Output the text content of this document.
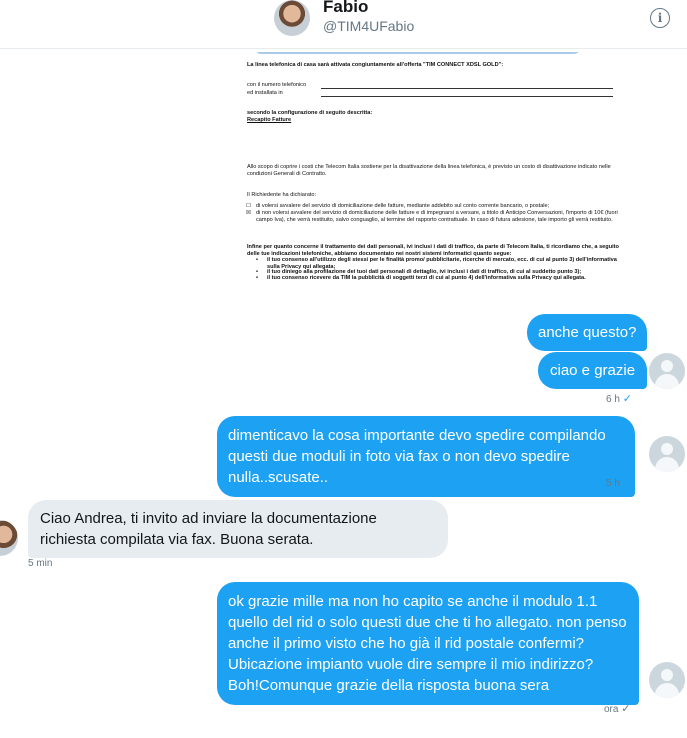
Fabio
@TIM4UFabio	i
La linea telefonica di casa sarà attivata congiuntamente all'offerta "TIM CONNECT XDSL GOLD":
con il numero telefonico
ed installata in
secondo la configurazione di seguito descritta:
Recapito Fatture
Allo scopo di coprire i costi che Telecom Italia sostiene per la disattivazione della linea telefonica, è previsto un costo di disattivazione indicato nelle condizioni Generali di Contratto.
Il Richiedente ha dichiarato:
☐ di volersi avvalere del servizio di domiciliazione delle fatture, mediante addebito sul conto corrente bancario, o postale;
☒ di non volersi avvalere del servizio di domiciliazione delle fatture e di impegnarsi a versare, a titolo di Anticipo Conversazioni, l'importo di 10€ (fuori campo Iva), che verrà restituito, salvo conguaglio, al termine del rapporto contrattuale. In caso di futura adesione, tale importo gli verrà restituito.
Infine per quanto concerne il trattamento dei dati personali, ivi inclusi i dati di traffico, da parte di Telecom Italia, ti ricordiamo che, a seguito delle tue indicazioni telefoniche, abbiamo documentato nei nostri sistemi informatici quanto segue:
• il tuo consenso all'utilizzo degli stessi per le finalità promo/ pubblicitarie, ricerche di mercato, ecc. di cui al punto 3) dell'informativa sulla Privacy qui allegata;
• il tuo diniego alla profilazione dei tuoi dati personali di dettaglio, ivi inclusi i dati di traffico, di cui al suddetto punto 3);
• il tuo consenso ricevere da TIM la pubblicità di soggetti terzi di cui al punto 4) dell'informativa sulla Privacy qui allegata.
anche questo?
ciao e grazie
6 h ✓
dimenticavo la cosa importante devo spedire compilando questi due moduli in foto via fax o non devo spedire nulla..scusate..	5 h ✓
Ciao Andrea, ti invito ad inviare la documentazione richiesta compilata via fax. Buona serata.
5 min
ok grazie mille ma non ho capito se anche il modulo 1.1 quello del rid o solo questi due che ti ho allegato. non penso anche il primo visto che ho già il rid postale confermi?Ubicazione impianto vuole dire sempre il mio indirizzo? Boh!Comunque grazie della risposta buona sera
ora ✓
